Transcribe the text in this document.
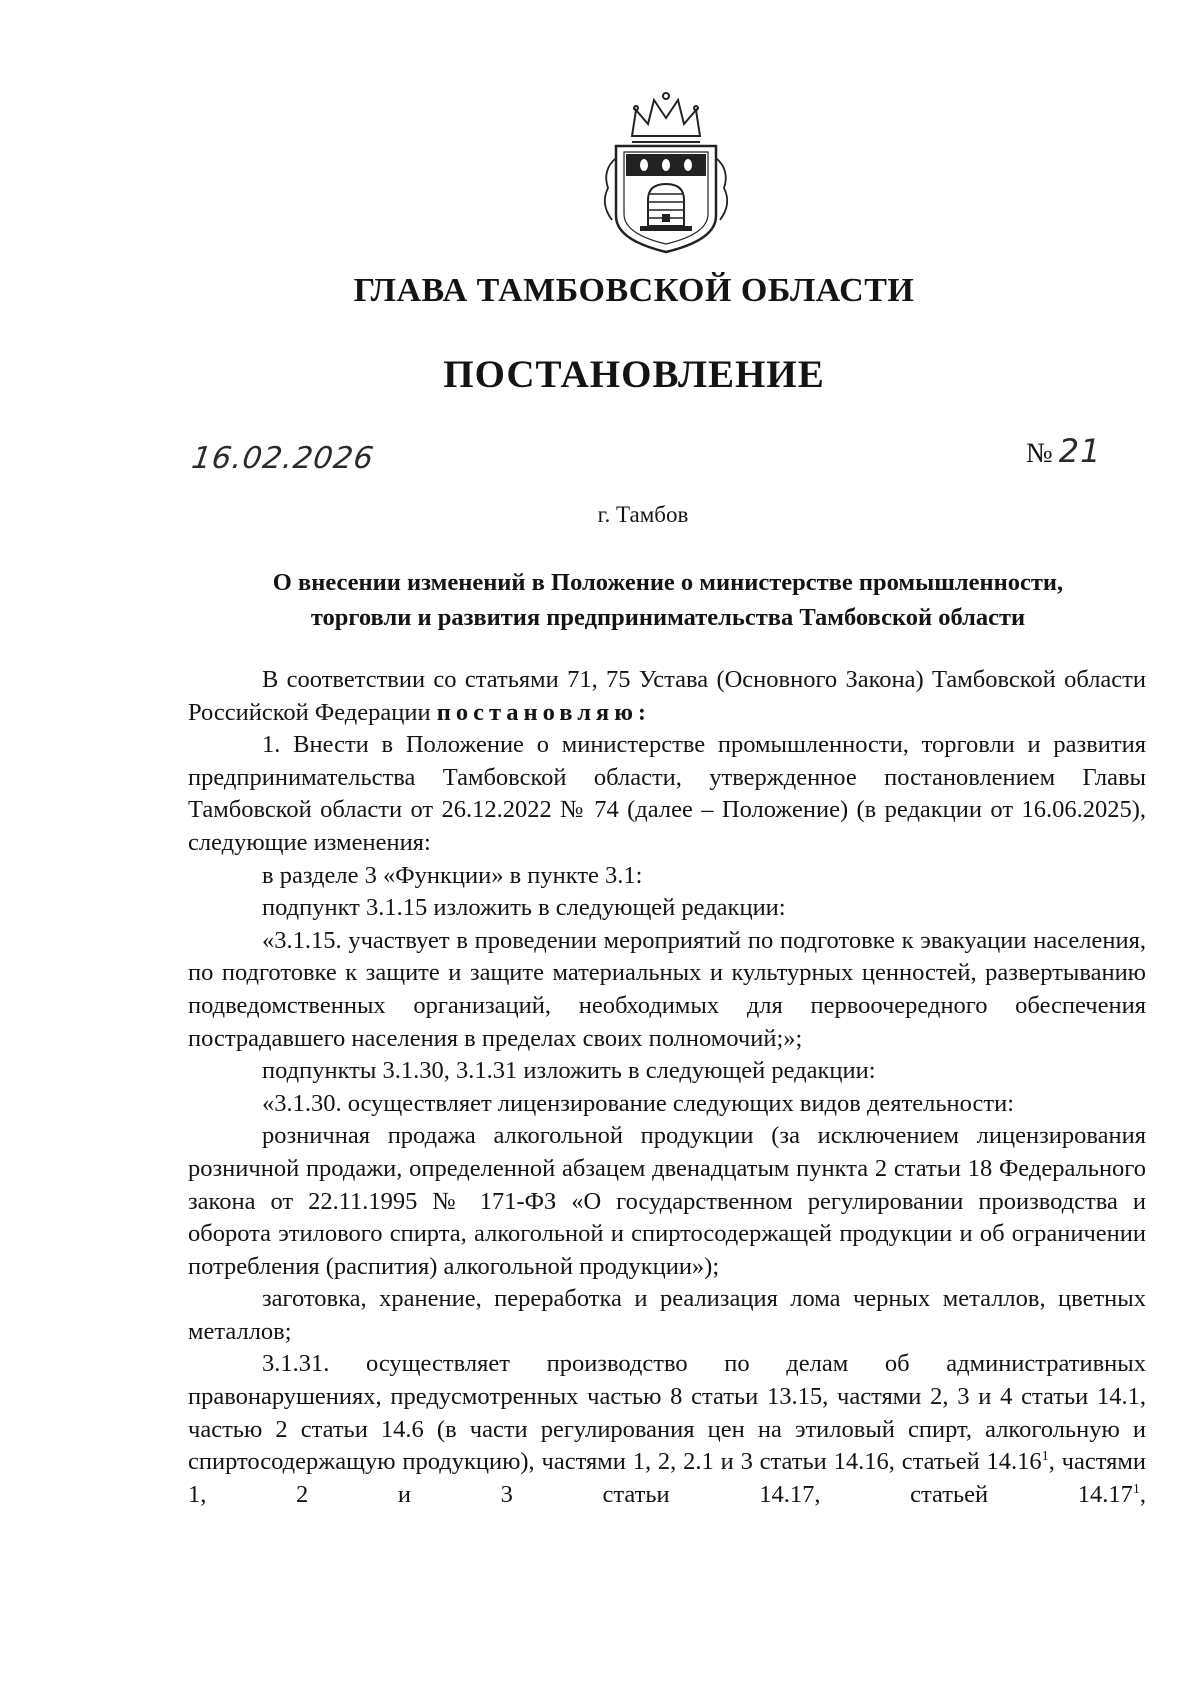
ГЛАВА ТАМБОВСКОЙ ОБЛАСТИ
ПОСТАНОВЛЕНИЕ
16.02.2026	№ 21
г. Тамбов
О внесении изменений в Положение о министерстве промышленности,
торговли и развития предпринимательства Тамбовской области

В соответствии со статьями 71, 75 Устава (Основного Закона) Тамбовской области Российской Федерации постановляю:

1. Внести в Положение о министерстве промышленности, торговли и развития предпринимательства Тамбовской области, утвержденное постановлением Главы Тамбовской области от 26.12.2022 № 74 (далее – Положение) (в редакции от 16.06.2025), следующие изменения:

в разделе 3 «Функции» в пункте 3.1:

подпункт 3.1.15 изложить в следующей редакции:

«3.1.15. участвует в проведении мероприятий по подготовке к эвакуации населения, по подготовке к защите и защите материальных и культурных ценностей, развертыванию подведомственных организаций, необходимых для первоочередного обеспечения пострадавшего населения в пределах своих полномочий;»;

подпункты 3.1.30, 3.1.31 изложить в следующей редакции:

«3.1.30. осуществляет лицензирование следующих видов деятельности:

розничная продажа алкогольной продукции (за исключением лицензирования розничной продажи, определенной абзацем двенадцатым пункта 2 статьи 18 Федерального закона от 22.11.1995 № 171-ФЗ «О государственном регулировании производства и оборота этилового спирта, алкогольной и спиртосодержащей продукции и об ограничении потребления (распития) алкогольной продукции»);

заготовка, хранение, переработка и реализация лома черных металлов, цветных металлов;

3.1.31. осуществляет производство по делам об административных правонарушениях, предусмотренных частью 8 статьи 13.15, частями 2, 3 и 4 статьи 14.1, частью 2 статьи 14.6 (в части регулирования цен на этиловый спирт, алкогольную и спиртосодержащую продукцию), частями 1, 2, 2.1 и 3 статьи 14.16, статьей 14.16$^1$, частями 1, 2 и 3 статьи 14.17, статьей 14.17$^1$,
